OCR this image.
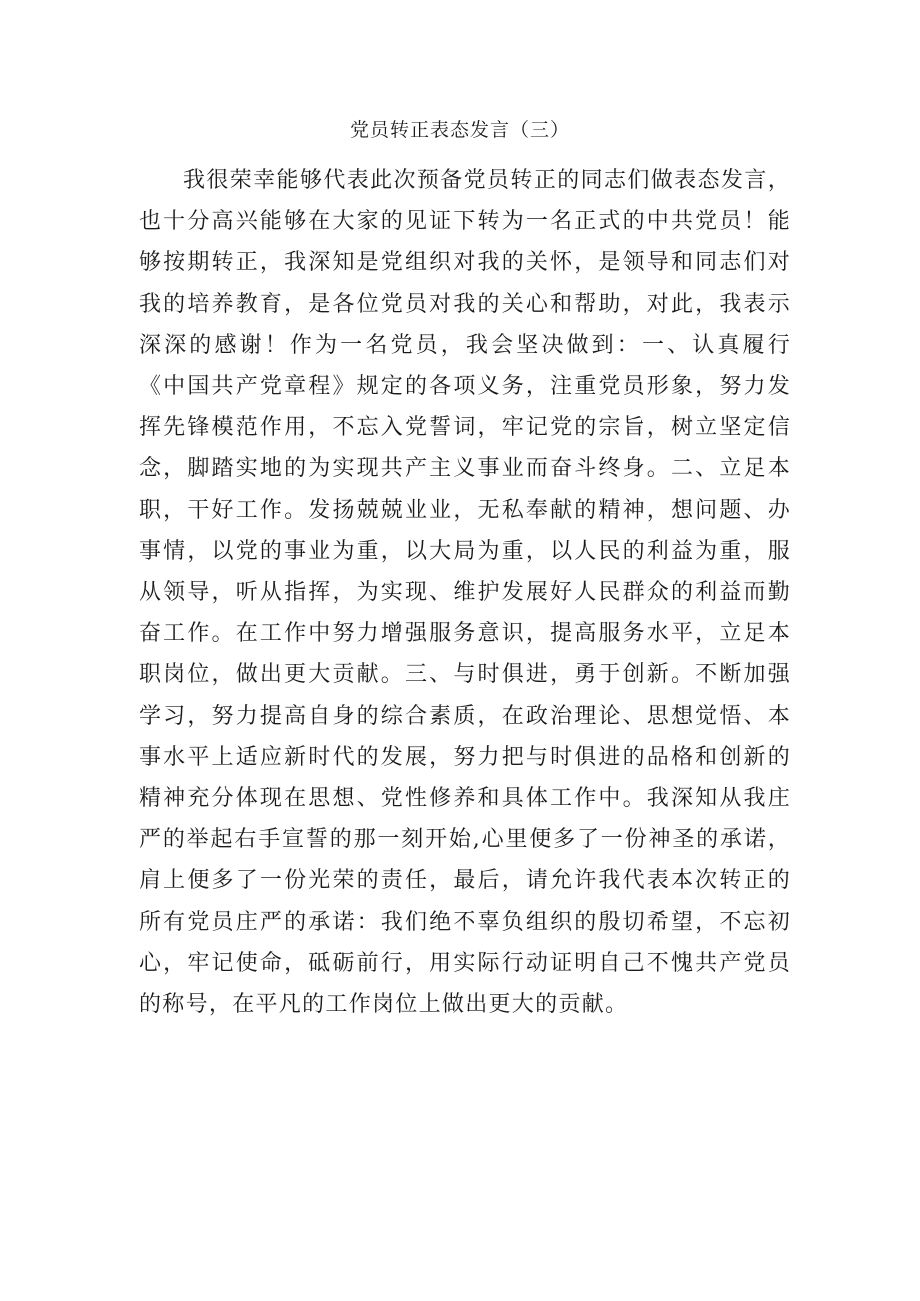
党员转正表态发言（三）

我很荣幸能够代表此次预备党员转正的同志们做表态发言，也十分高兴能够在大家的见证下转为一名正式的中共党员！能够按期转正，我深知是党组织对我的关怀，是领导和同志们对我的培养教育，是各位党员对我的关心和帮助，对此，我表示深深的感谢！作为一名党员，我会坚决做到：一、认真履行《中国共产党章程》规定的各项义务，注重党员形象，努力发挥先锋模范作用，不忘入党誓词，牢记党的宗旨，树立坚定信念，脚踏实地的为实现共产主义事业而奋斗终身。二、立足本职，干好工作。发扬兢兢业业，无私奉献的精神，想问题、办事情，以党的事业为重，以大局为重，以人民的利益为重，服从领导，听从指挥，为实现、维护发展好人民群众的利益而勤奋工作。在工作中努力增强服务意识，提高服务水平，立足本职岗位，做出更大贡献。三、与时俱进，勇于创新。不断加强学习，努力提高自身的综合素质，在政治理论、思想觉悟、本事水平上适应新时代的发展，努力把与时俱进的品格和创新的精神充分体现在思想、党性修养和具体工作中。我深知从我庄严的举起右手宣誓的那一刻开始,心里便多了一份神圣的承诺，肩上便多了一份光荣的责任，最后，请允许我代表本次转正的所有党员庄严的承诺：我们绝不辜负组织的殷切希望，不忘初心，牢记使命，砥砺前行，用实际行动证明自己不愧共产党员的称号，在平凡的工作岗位上做出更大的贡献。
